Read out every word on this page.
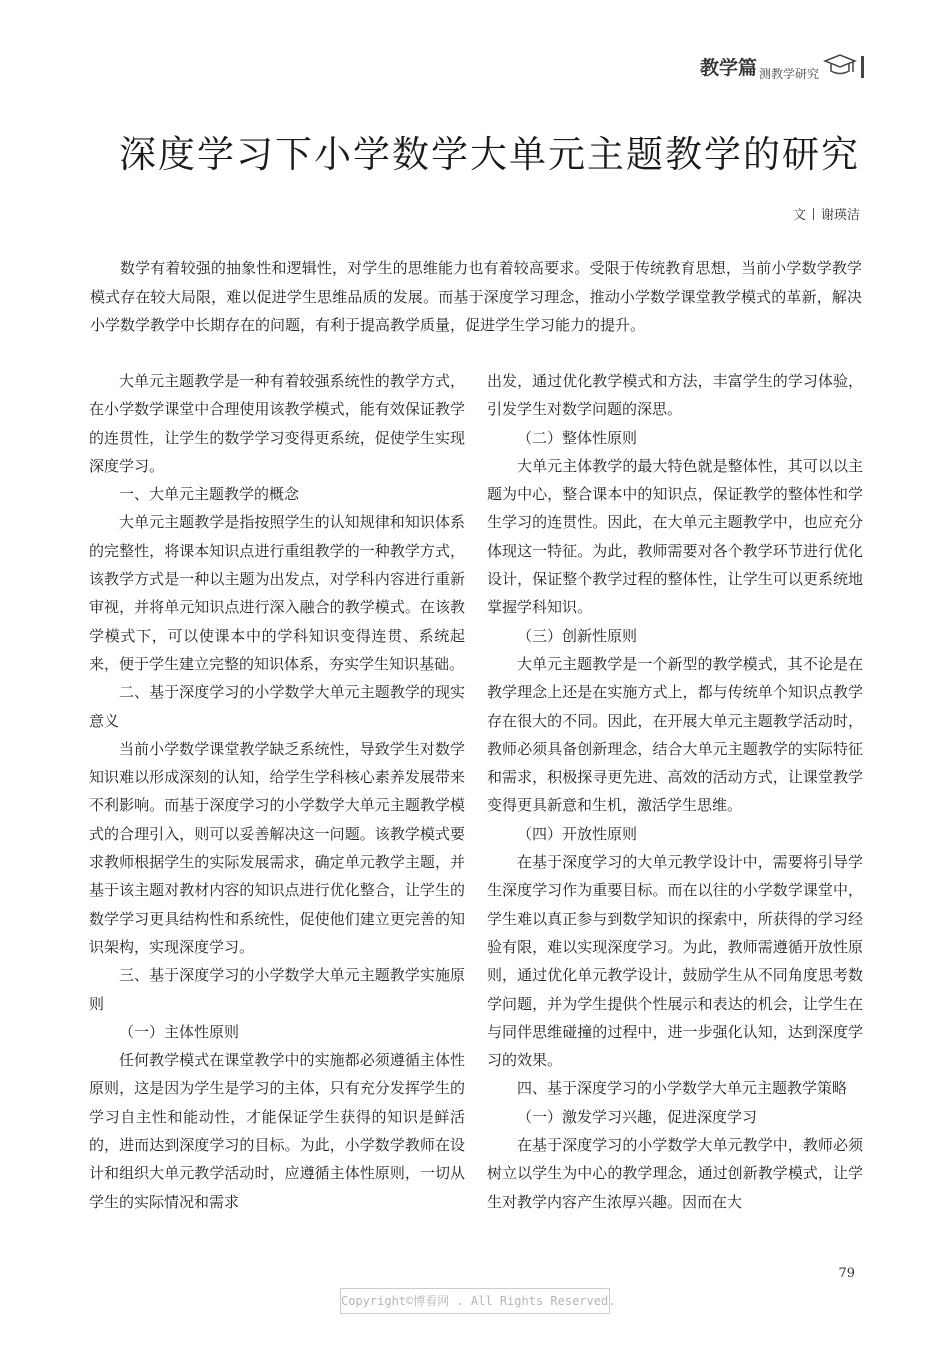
教学篇 测教学研究
深度学习下小学数学大单元主题教学的研究
文 谢瑛洁

数学有着较强的抽象性和逻辑性，对学生的思维能力也有着较高要求。受限于传统教育思想，当前小学数学教学模式存在较大局限，难以促进学生思维品质的发展。而基于深度学习理念，推动小学数学课堂教学模式的革新，解决小学数学教学中长期存在的问题，有利于提高教学质量，促进学生学习能力的提升。

大单元主题教学是一种有着较强系统性的教学方式，在小学数学课堂中合理使用该教学模式，能有效保证教学的连贯性，让学生的数学学习变得更系统，促使学生实现深度学习。

一、大单元主题教学的概念

大单元主题教学是指按照学生的认知规律和知识体系的完整性，将课本知识点进行重组教学的一种教学方式，该教学方式是一种以主题为出发点，对学科内容进行重新审视，并将单元知识点进行深入融合的教学模式。在该教学模式下，可以使课本中的学科知识变得连贯、系统起来，便于学生建立完整的知识体系，夯实学生知识基础。

二、基于深度学习的小学数学大单元主题教学的现实意义

当前小学数学课堂教学缺乏系统性，导致学生对数学知识难以形成深刻的认知，给学生学科核心素养发展带来不利影响。而基于深度学习的小学数学大单元主题教学模式的合理引入，则可以妥善解决这一问题。该教学模式要求教师根据学生的实际发展需求，确定单元教学主题，并基于该主题对教材内容的知识点进行优化整合，让学生的数学学习更具结构性和系统性，促使他们建立更完善的知识架构，实现深度学习。

三、基于深度学习的小学数学大单元主题教学实施原则

（一）主体性原则

任何教学模式在课堂教学中的实施都必须遵循主体性原则，这是因为学生是学习的主体，只有充分发挥学生的学习自主性和能动性，才能保证学生获得的知识是鲜活的，进而达到深度学习的目标。为此，小学数学教师在设计和组织大单元教学活动时，应遵循主体性原则，一切从学生的实际情况和需求

出发，通过优化教学模式和方法，丰富学生的学习体验，引发学生对数学问题的深思。

（二）整体性原则

大单元主体教学的最大特色就是整体性，其可以以主题为中心，整合课本中的知识点，保证教学的整体性和学生学习的连贯性。因此，在大单元主题教学中，也应充分体现这一特征。为此，教师需要对各个教学环节进行优化设计，保证整个教学过程的整体性，让学生可以更系统地掌握学科知识。

（三）创新性原则

大单元主题教学是一个新型的教学模式，其不论是在教学理念上还是在实施方式上，都与传统单个知识点教学存在很大的不同。因此，在开展大单元主题教学活动时，教师必须具备创新理念，结合大单元主题教学的实际特征和需求，积极探寻更先进、高效的活动方式，让课堂教学变得更具新意和生机，激活学生思维。

（四）开放性原则

在基于深度学习的大单元教学设计中，需要将引导学生深度学习作为重要目标。而在以往的小学数学课堂中，学生难以真正参与到数学知识的探索中，所获得的学习经验有限，难以实现深度学习。为此，教师需遵循开放性原则，通过优化单元教学设计，鼓励学生从不同角度思考数学问题，并为学生提供个性展示和表达的机会，让学生在与同伴思维碰撞的过程中，进一步强化认知，达到深度学习的效果。

四、基于深度学习的小学数学大单元主题教学策略

（一）激发学习兴趣，促进深度学习

在基于深度学习的小学数学大单元教学中，教师必须树立以学生为中心的教学理念，通过创新教学模式，让学生对教学内容产生浓厚兴趣。因而在大

79
Copyright©博看网 . All Rights Reserved.
